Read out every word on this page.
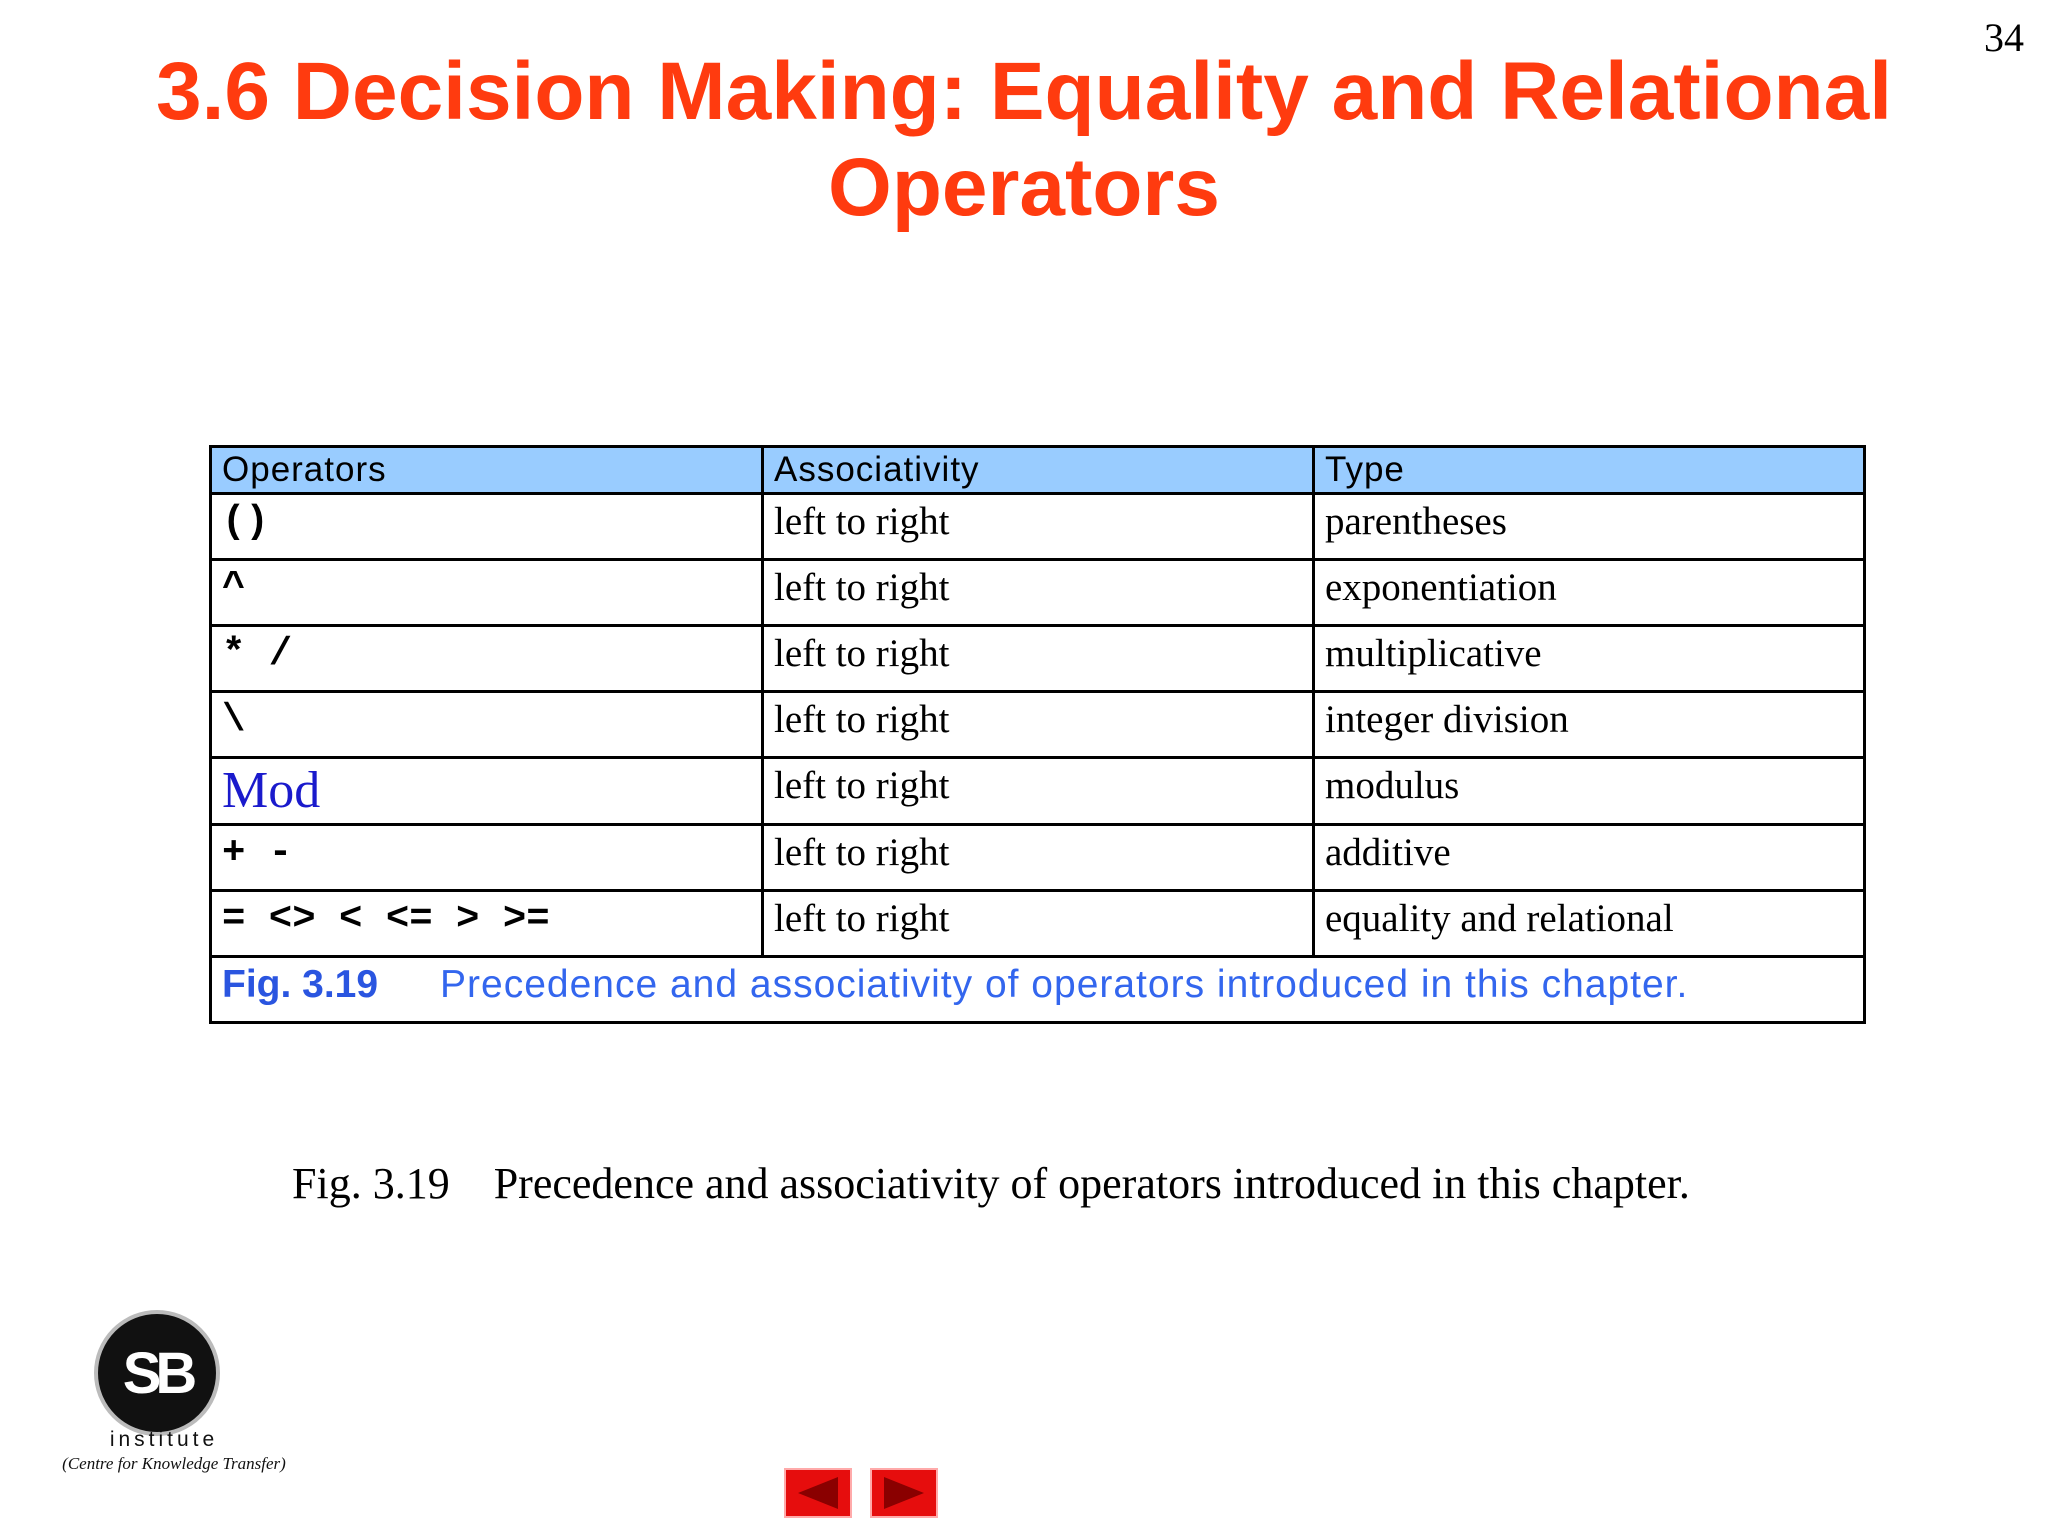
34
3.6 Decision Making: Equality and Relational
Operators
Operators	Associativity	Type
()	left to right	parentheses
^	left to right	exponentiation
* /	left to right	multiplicative
\	left to right	integer division
Mod	left to right	modulus
+ -	left to right	additive
= <> < <= > >=	left to right	equality and relational
Fig. 3.19 Precedence and associativity of operators introduced in this chapter.		
Fig. 3.19 Precedence and associativity of operators introduced in this chapter.
SB
institute
(Centre for Knowledge Transfer)
